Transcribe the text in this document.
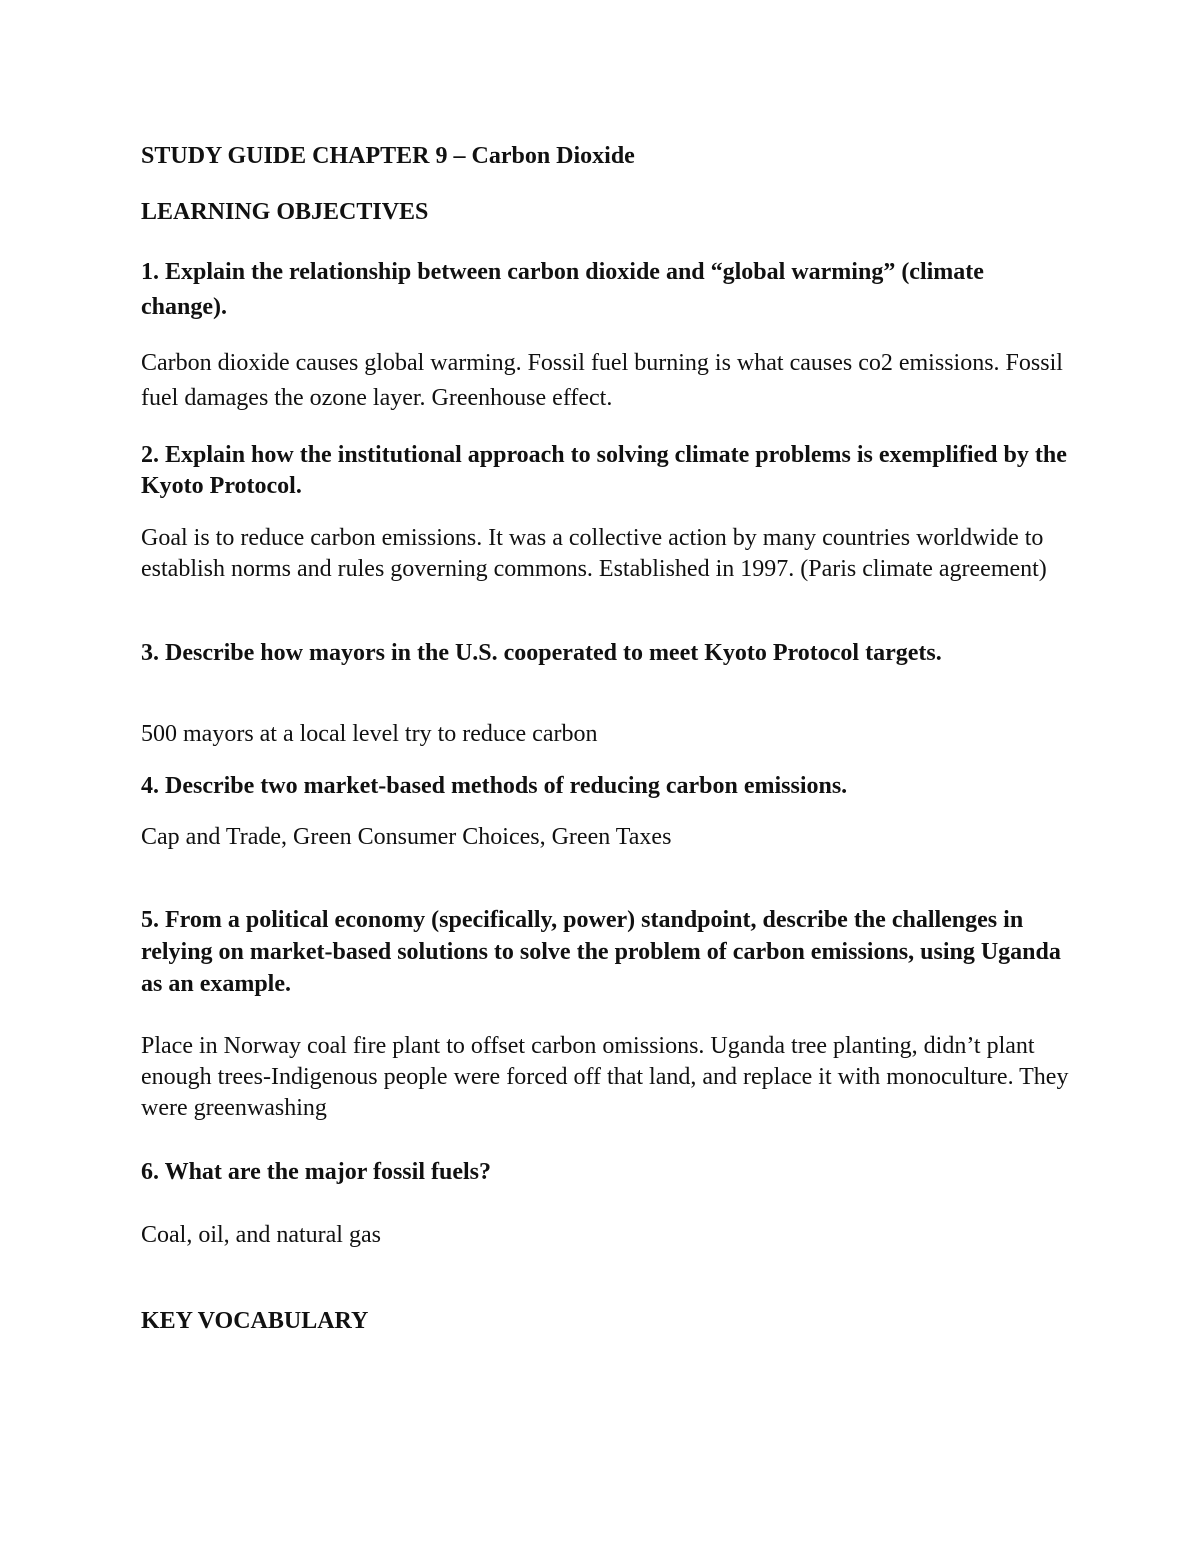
STUDY GUIDE CHAPTER 9 – Carbon Dioxide

LEARNING OBJECTIVES

1. Explain the relationship between carbon dioxide and “global warming” (climate change).

Carbon dioxide causes global warming. Fossil fuel burning is what causes co2 emissions. Fossil fuel damages the ozone layer. Greenhouse effect.

2. Explain how the institutional approach to solving climate problems is exemplified by the Kyoto Protocol.

Goal is to reduce carbon emissions. It was a collective action by many countries worldwide to establish norms and rules governing commons. Established in 1997. (Paris climate agreement)

3. Describe how mayors in the U.S. cooperated to meet Kyoto Protocol targets.

500 mayors at a local level try to reduce carbon

4. Describe two market-based methods of reducing carbon emissions.

Cap and Trade, Green Consumer Choices, Green Taxes

5. From a political economy (specifically, power) standpoint, describe the challenges in relying on market-based solutions to solve the problem of carbon emissions, using Uganda as an example.

Place in Norway coal fire plant to offset carbon omissions. Uganda tree planting, didn’t plant enough trees-Indigenous people were forced off that land, and replace it with monoculture. They were greenwashing

6. What are the major fossil fuels?

Coal, oil, and natural gas

KEY VOCABULARY
